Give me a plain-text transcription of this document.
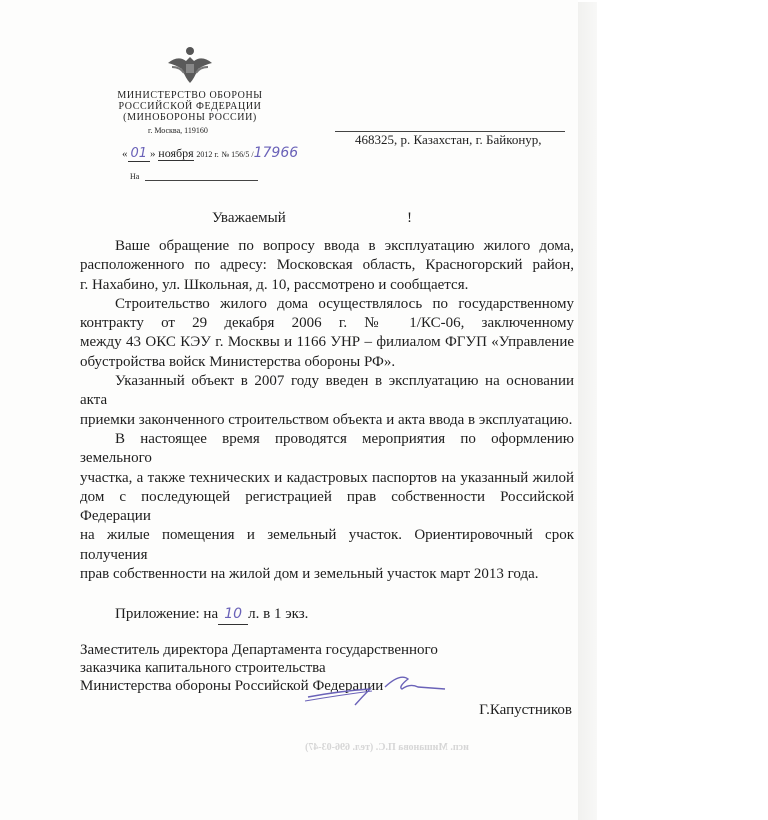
МИНИСТЕРСТВО ОБОРОНЫ
РОССИЙСКОЙ ФЕДЕРАЦИИ
(МИНОБОРОНЫ РОССИИ)
г. Москва, 119160
« 01 » ноября 2012 г. № 156/5 /17966
На
468325, р. Казахстан, г. Байконур,
Уважаемый	!
Ваше обращение по вопросу ввода в эксплуатацию жилого дома,
расположенного по адресу: Московская область, Красногорский район,
г. Нахабино, ул. Школьная, д. 10, рассмотрено и сообщается.
Строительство жилого дома осуществлялось по государственному
контракту от 29 декабря 2006 г. № 1/КС-06, заключенному
между 43 ОКС КЭУ г. Москвы и 1166 УНР – филиалом ФГУП «Управление
обустройства войск Министерства обороны РФ».
Указанный объект в 2007 году введен в эксплуатацию на основании акта
приемки законченного строительством объекта и акта ввода в эксплуатацию.
В настоящее время проводятся мероприятия по оформлению земельного
участка, а также технических и кадастровых паспортов на указанный жилой
дом с последующей регистрацией прав собственности Российской Федерации
на жилые помещения и земельный участок. Ориентировочный срок получения
прав собственности на жилой дом и земельный участок март 2013 года.
Приложение: на 10 л. в 1 экз.
Заместитель директора Департамента государственного
заказчика капитального строительства
Министерства обороны Российской Федерации
Г.Капустников
исп. Мишанова П.С. (тел. 696-03-47)
